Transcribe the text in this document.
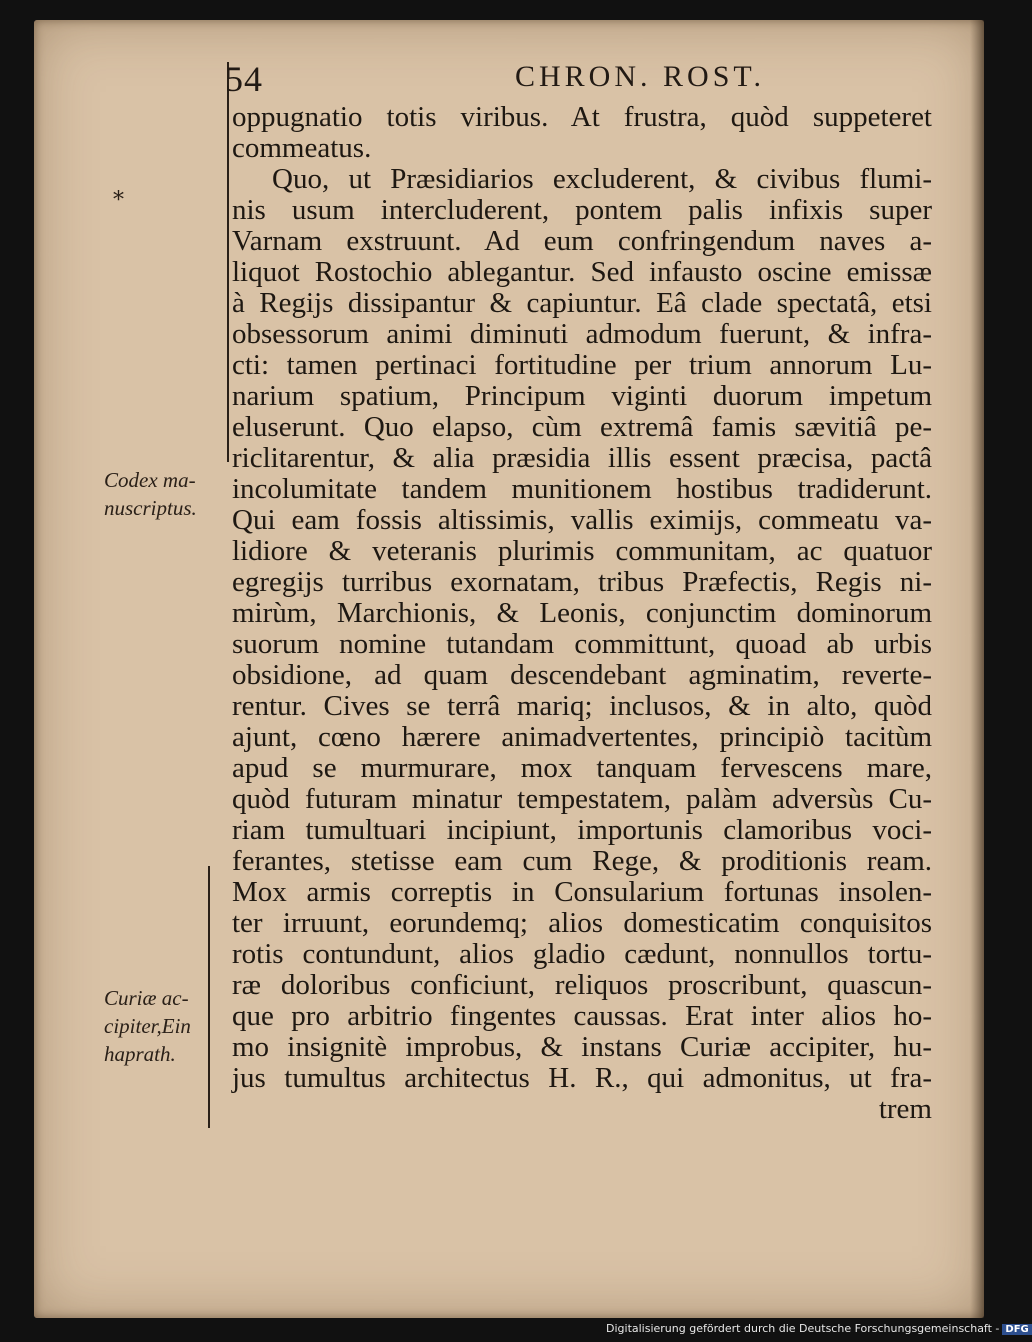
54	CHRON. ROST.
*
Codex ma-
nuscriptus.
Curiæ ac-
cipiter,Ein
haprath.
oppugnatio totis viribus. At frustra, quòd suppeteret
commeatus.
Quo, ut Præsidiarios excluderent, & civibus flumi-
nis usum intercluderent, pontem palis infixis super
Varnam exstruunt. Ad eum confringendum naves a-
liquot Rostochio ablegantur. Sed infausto oscine emissæ
à Regijs dissipantur & capiuntur. Eâ clade spectatâ, etsi
obsessorum animi diminuti admodum fuerunt, & infra-
cti: tamen pertinaci fortitudine per trium annorum Lu-
narium spatium, Principum viginti duorum impetum
eluserunt. Quo elapso, cùm extremâ famis sævitiâ pe-
riclitarentur, & alia præsidia illis essent præcisa, pactâ
incolumitate tandem munitionem hostibus tradiderunt.
Qui eam fossis altissimis, vallis eximijs, commeatu va-
lidiore & veteranis plurimis communitam, ac quatuor
egregijs turribus exornatam, tribus Præfectis, Regis ni-
mirùm, Marchionis, & Leonis, conjunctim dominorum
suorum nomine tutandam committunt, quoad ab urbis
obsidione, ad quam descendebant agminatim, reverte-
rentur. Cives se terrâ mariq; inclusos, & in alto, quòd
ajunt, cœno hærere animadvertentes, principiò tacitùm
apud se murmurare, mox tanquam fervescens mare,
quòd futuram minatur tempestatem, palàm adversùs Cu-
riam tumultuari incipiunt, importunis clamoribus voci-
ferantes, stetisse eam cum Rege, & proditionis ream.
Mox armis correptis in Consularium fortunas insolen-
ter irruunt, eorundemq; alios domesticatim conquisitos
rotis contundunt, alios gladio cædunt, nonnullos tortu-
ræ doloribus conficiunt, reliquos proscribunt, quascun-
que pro arbitrio fingentes caussas. Erat inter alios ho-
mo insignitè improbus, & instans Curiæ accipiter, hu-
jus tumultus architectus H. R., qui admonitus, ut fra-
trem
Digitalisierung gefördert durch die Deutsche Forschungsgemeinschaft - DFG
